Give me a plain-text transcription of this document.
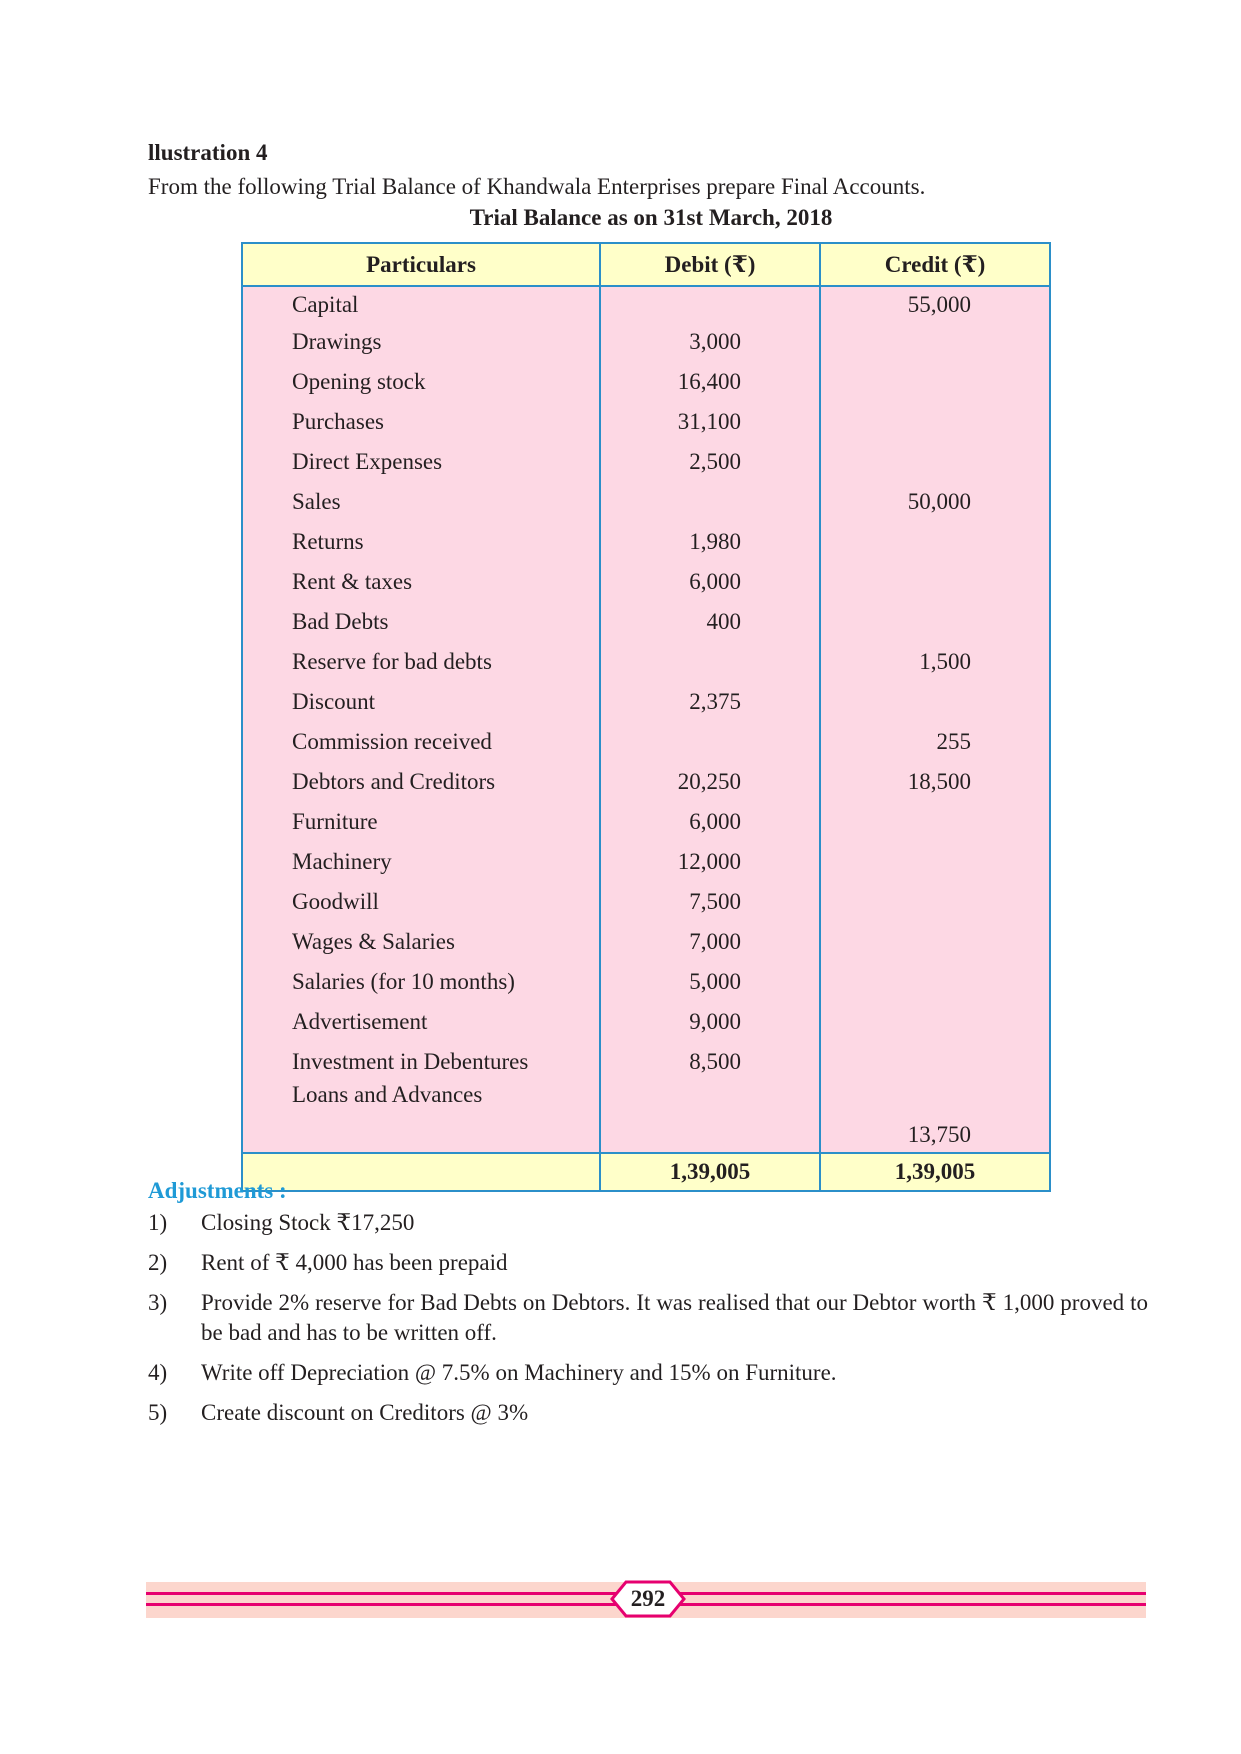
llustration 4
From the following Trial Balance of Khandwala Enterprises prepare Final Accounts.
Trial Balance as on 31st March, 2018
Particulars	Debit (₹)	Credit (₹)
Capital		55,000
Drawings	3,000	
Opening stock	16,400	
Purchases	31,100	
Direct Expenses	2,500	
Sales		50,000
Returns	1,980	
Rent & taxes	6,000	
Bad Debts	400	
Reserve for bad debts		1,500
Discount	2,375	
Commission received		255
Debtors and Creditors	20,250	18,500
Furniture	6,000	
Machinery	12,000	
Goodwill	7,500	
Wages & Salaries	7,000	
Salaries (for 10 months)	5,000	
Advertisement	9,000	
Investment in Debentures	8,500	
Loans and Advances		13,750
	1,39,005	1,39,005
Adjustments :
1) Closing Stock ₹17,250
2) Rent of ₹ 4,000 has been prepaid
3) Provide 2% reserve for Bad Debts on Debtors. It was realised that our Debtor worth ₹ 1,000 proved to be bad and has to be written off.
4) Write off Depreciation @ 7.5% on Machinery and 15% on Furniture.
5) Create discount on Creditors @ 3%
292
